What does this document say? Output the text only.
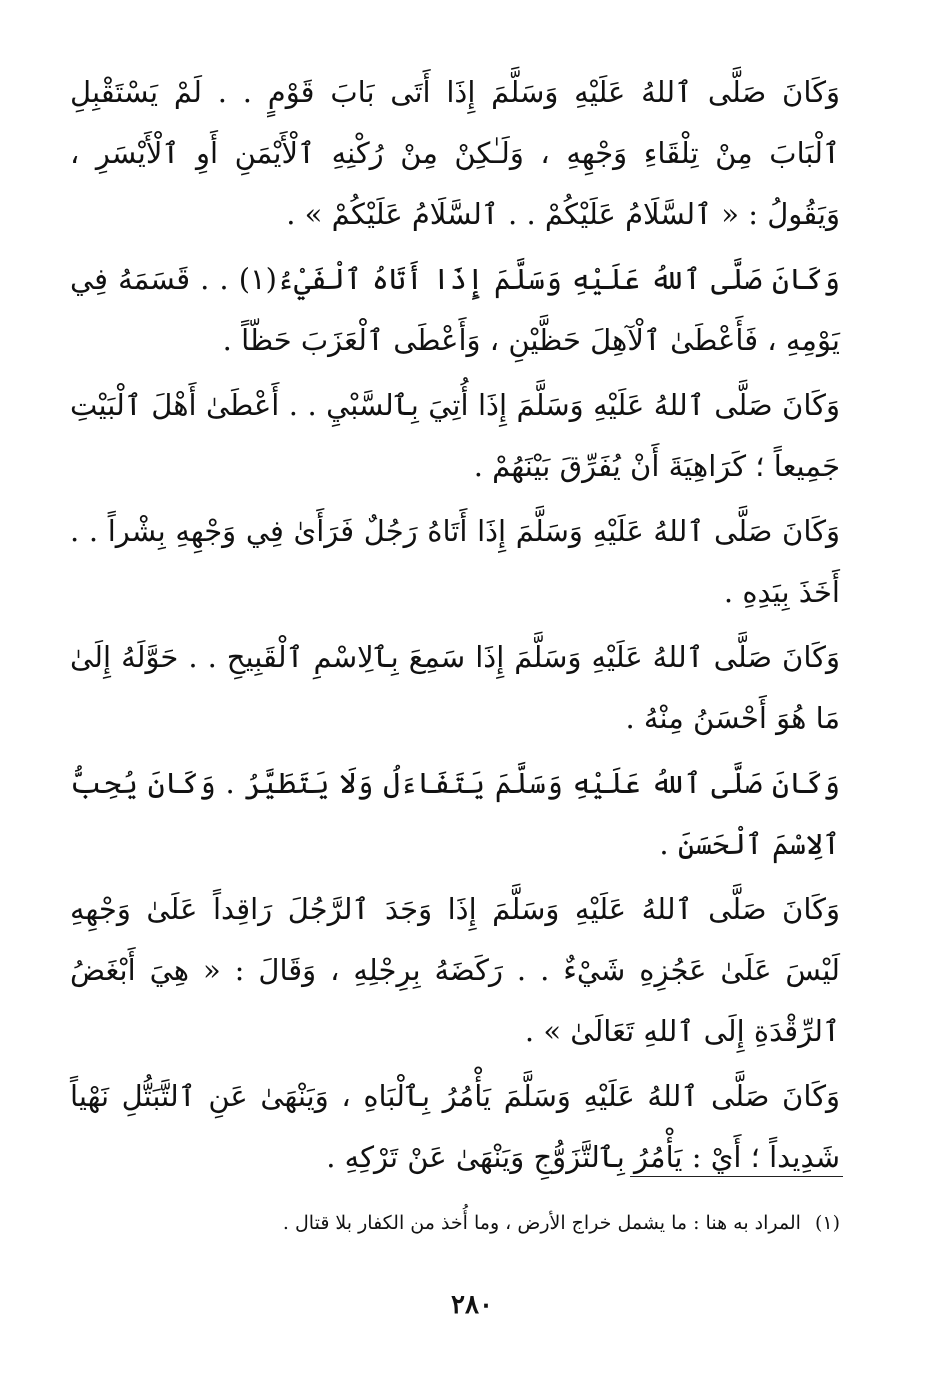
وَكَانَ صَلَّى ٱللهُ عَلَيْهِ وَسَلَّمَ إِذَا أَتَى بَابَ قَوْمٍ . . لَمْ يَسْتَقْبِلِ ٱلْبَابَ مِنْ تِلْقَاءِ وَجْهِهِ ، وَلَـٰكِنْ مِنْ رُكْنِهِ ٱلْأَيْمَنِ أَوِ ٱلْأَيْسَرِ ، وَيَقُولُ : « ٱلسَّلَامُ عَلَيْكُمْ . . ٱلسَّلَامُ عَلَيْكُمْ » .

وَكَانَ صَلَّى ٱللهُ عَلَيْهِ وَسَلَّمَ إِذَا أَتَاهُ ٱلْفَيْءُ(١) . . قَسَمَهُ فِي يَوْمِهِ ، فَأَعْطَىٰ ٱلْآهِلَ حَظَّيْنِ ، وَأَعْطَى ٱلْعَزَبَ حَظّاً .

وَكَانَ صَلَّى ٱللهُ عَلَيْهِ وَسَلَّمَ إِذَا أُتِيَ بِٱلسَّبْيِ . . أَعْطَىٰ أَهْلَ ٱلْبَيْتِ جَمِيعاً ؛ كَرَاهِيَةَ أَنْ يُفَرِّقَ بَيْنَهُمْ .

وَكَانَ صَلَّى ٱللهُ عَلَيْهِ وَسَلَّمَ إِذَا أَتَاهُ رَجُلٌ فَرَأَىٰ فِي وَجْهِهِ بِشْراً . . أَخَذَ بِيَدِهِ .

وَكَانَ صَلَّى ٱللهُ عَلَيْهِ وَسَلَّمَ إِذَا سَمِعَ بِٱلِاسْمِ ٱلْقَبِيحِ . . حَوَّلَهُ إِلَىٰ مَا هُوَ أَحْسَنُ مِنْهُ .

وَكَانَ صَلَّى ٱللهُ عَلَيْهِ وَسَلَّمَ يَتَفَاءَلُ وَلَا يَتَطَيَّرُ . وَكَانَ يُحِبُّ ٱلِاسْمَ ٱلْحَسَنَ .

وَكَانَ صَلَّى ٱللهُ عَلَيْهِ وَسَلَّمَ إِذَا وَجَدَ ٱلرَّجُلَ رَاقِداً عَلَىٰ وَجْهِهِ لَيْسَ عَلَىٰ عَجُزِهِ شَيْءٌ . . رَكَضَهُ بِرِجْلِهِ ، وَقَالَ : « هِيَ أَبْغَضُ ٱلرِّقْدَةِ إِلَى ٱللهِ تَعَالَىٰ » .

وَكَانَ صَلَّى ٱللهُ عَلَيْهِ وَسَلَّمَ يَأْمُرُ بِٱلْبَاهِ ، وَيَنْهَىٰ عَنِ ٱلتَّبَتُّلِ نَهْياً شَدِيداً ؛ أَيْ : يَأْمُرُ بِٱلتَّزَوُّجِ وَيَنْهَىٰ عَنْ تَرْكِهِ .

(١)المراد به هنا : ما يشمل خراج الأرض ، وما أُخذ من الكفار بلا قتال .
٢٨٠
